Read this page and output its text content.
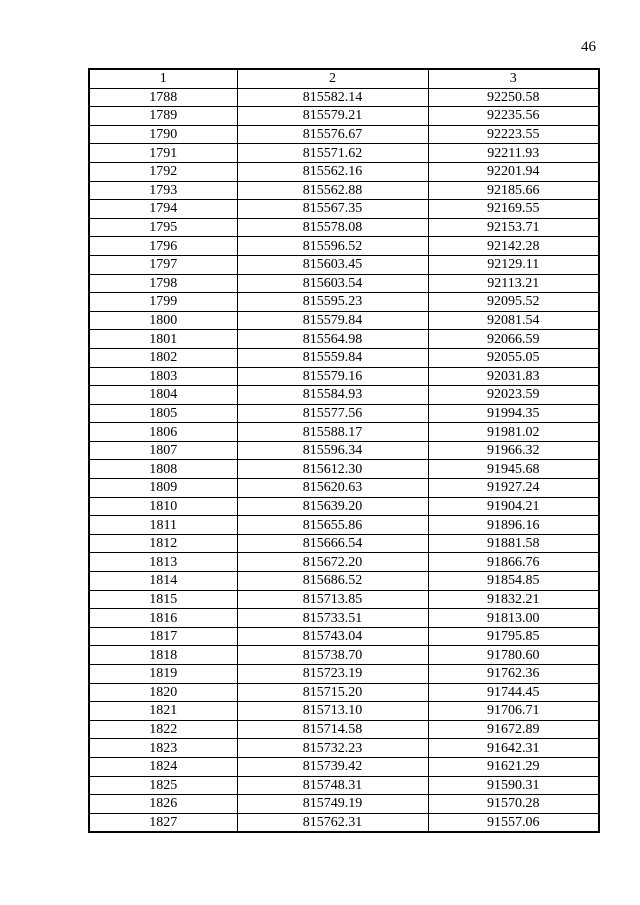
46
1	2	3
1788	815582.14	92250.58
1789	815579.21	92235.56
1790	815576.67	92223.55
1791	815571.62	92211.93
1792	815562.16	92201.94
1793	815562.88	92185.66
1794	815567.35	92169.55
1795	815578.08	92153.71
1796	815596.52	92142.28
1797	815603.45	92129.11
1798	815603.54	92113.21
1799	815595.23	92095.52
1800	815579.84	92081.54
1801	815564.98	92066.59
1802	815559.84	92055.05
1803	815579.16	92031.83
1804	815584.93	92023.59
1805	815577.56	91994.35
1806	815588.17	91981.02
1807	815596.34	91966.32
1808	815612.30	91945.68
1809	815620.63	91927.24
1810	815639.20	91904.21
1811	815655.86	91896.16
1812	815666.54	91881.58
1813	815672.20	91866.76
1814	815686.52	91854.85
1815	815713.85	91832.21
1816	815733.51	91813.00
1817	815743.04	91795.85
1818	815738.70	91780.60
1819	815723.19	91762.36
1820	815715.20	91744.45
1821	815713.10	91706.71
1822	815714.58	91672.89
1823	815732.23	91642.31
1824	815739.42	91621.29
1825	815748.31	91590.31
1826	815749.19	91570.28
1827	815762.31	91557.06
